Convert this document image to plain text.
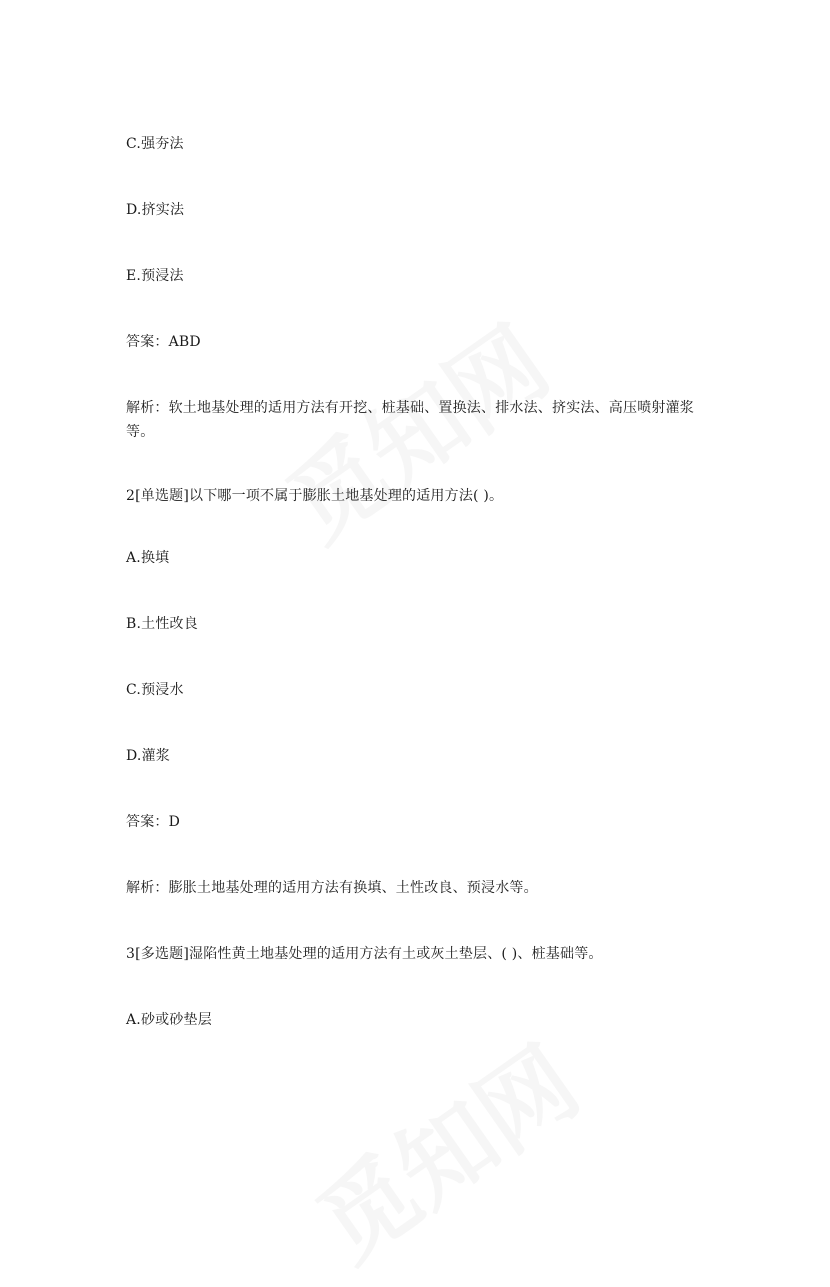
C.强夯法
D.挤实法
E.预浸法
答案：ABD
解析：软土地基处理的适用方法有开挖、桩基础、置换法、排水法、挤实法、高压喷射灌浆等。
2[单选题]以下哪一项不属于膨胀土地基处理的适用方法( )。
A.换填
B.土性改良
C.预浸水
D.灌浆
答案：D
解析：膨胀土地基处理的适用方法有换填、土性改良、预浸水等。
3[多选题]湿陷性黄土地基处理的适用方法有土或灰土垫层、( )、桩基础等。
A.砂或砂垫层
